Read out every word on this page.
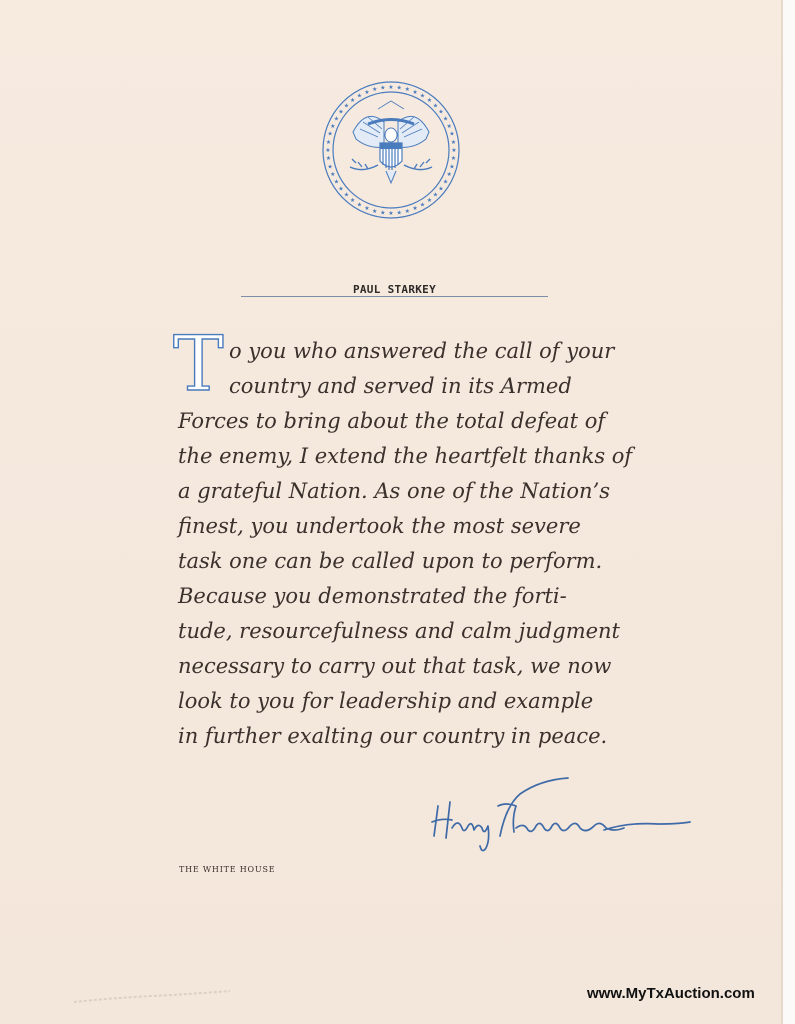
★
★
★
★
★
★
★
★
★
★
★
★
★
★
★
★
★
★
★
★
★
★
★
★
★
★
★
★
★
★
★
★
★
★ ★ ★ ★ ★ ★ ★
★
★
★
★
★
★
★
★
PAUL STARKEY
T o you who answered the call of your
country and served in its Armed
Forces to bring about the total defeat of
the enemy, I extend the heartfelt thanks of
a grateful Nation. As one of the Nation’s
finest, you undertook the most severe
task one can be called upon to perform.
Because you demonstrated the forti-
tude, resourcefulness and calm judgment
necessary to carry out that task, we now
look to you for leadership and example
in further exalting our country in peace.
THE WHITE HOUSE
www.MyTxAuction.com
